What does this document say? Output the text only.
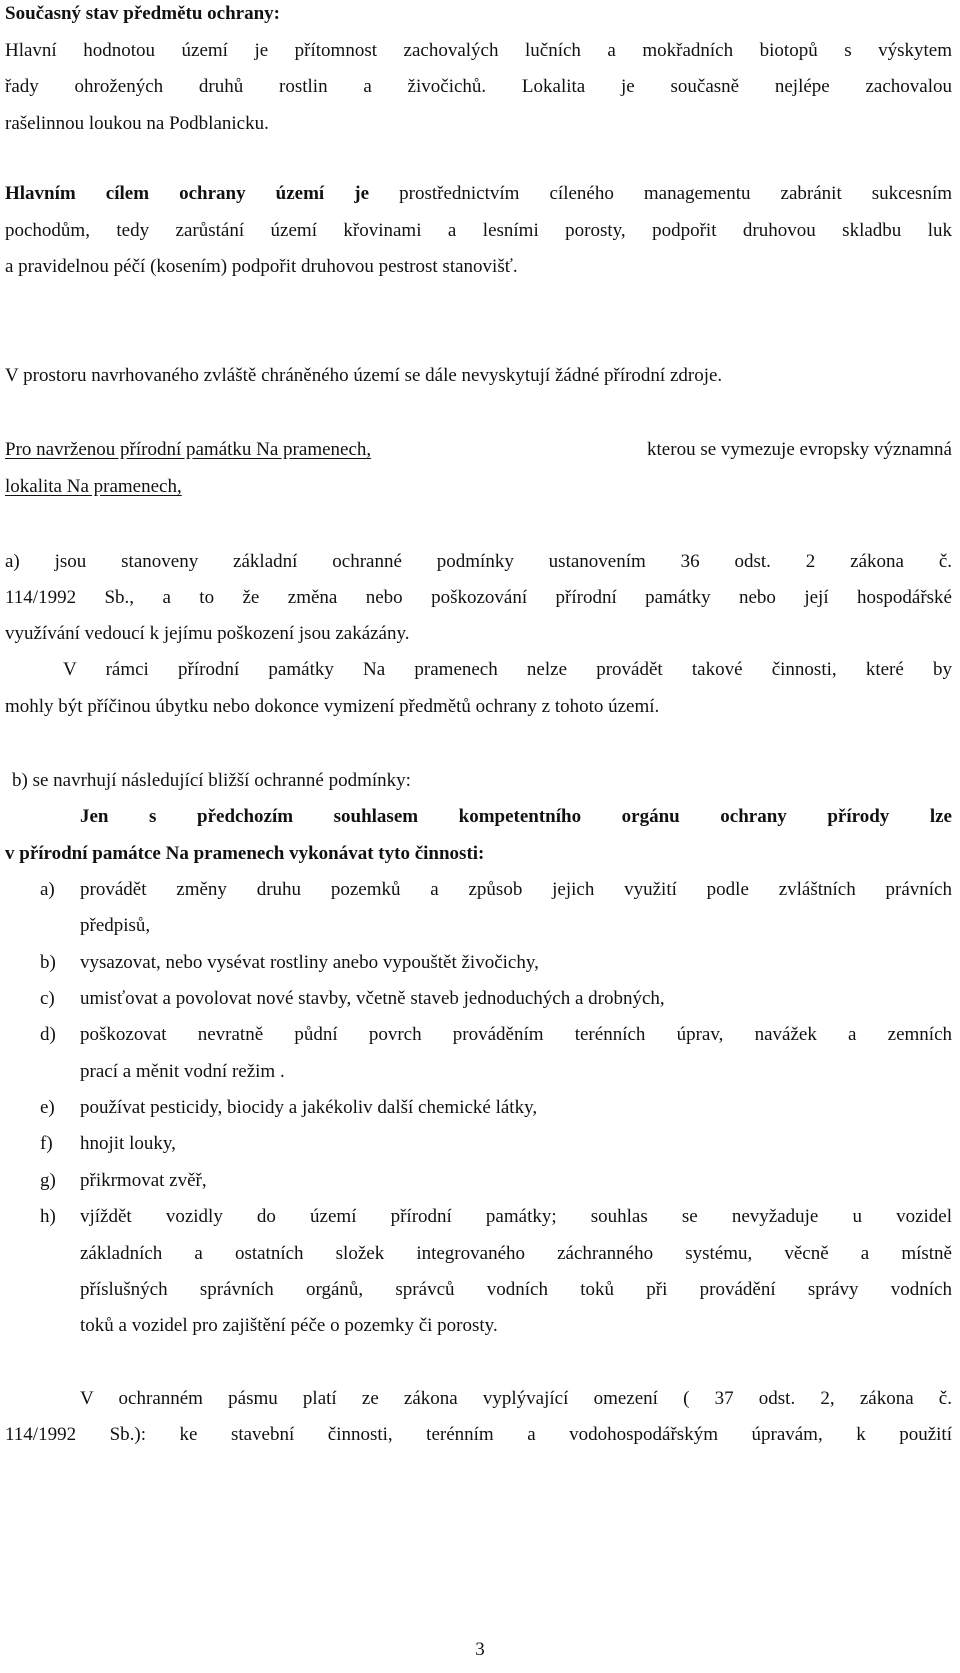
Současný stav předmětu ochrany:
Hlavní hodnotou území je přítomnost zachovalých lučních a mokřadních biotopů s výskytem
řady ohrožených druhů rostlin a živočichů. Lokalita je současně nejlépe zachovalou
rašelinnou loukou na Podblanicku.
Hlavním cílem ochrany území je prostřednictvím cíleného managementu zabránit sukcesním
pochodům, tedy zarůstání území křovinami a lesními porosty, podpořit druhovou skladbu luk
a pravidelnou péčí (kosením) podpořit druhovou pestrost stanovišť.
V prostoru navrhovaného zvláště chráněného území se dále nevyskytují žádné přírodní zdroje.
Pro navrženou přírodní památku Na pramenech,	kterou se vymezuje evropsky významná
lokalita Na pramenech,
a) jsou stanoveny základní ochranné podmínky ustanovením 36 odst. 2 zákona č.
114/1992 Sb., a to že změna nebo poškozování přírodní památky nebo její hospodářské
využívání vedoucí k jejímu poškození jsou zakázány.
V rámci přírodní památky Na pramenech nelze provádět takové činnosti, které by
mohly být příčinou úbytku nebo dokonce vymizení předmětů ochrany z tohoto území.
b) se navrhují následující bližší ochranné podmínky:
Jen s předchozím souhlasem kompetentního orgánu ochrany přírody lze
v přírodní památce Na pramenech vykonávat tyto činnosti:
a) provádět změny druhu pozemků a způsob jejich využití podle zvláštních právních
předpisů,
b) vysazovat, nebo vysévat rostliny anebo vypouštět živočichy,
c) umisťovat a povolovat nové stavby, včetně staveb jednoduchých a drobných,
d) poškozovat nevratně půdní povrch prováděním terénních úprav, navážek a zemních
prací a měnit vodní režim .
e) používat pesticidy, biocidy a jakékoliv další chemické látky,
f) hnojit louky,
g) přikrmovat zvěř,
h) vjíždět vozidly do území přírodní památky; souhlas se nevyžaduje u vozidel
základních a ostatních složek integrovaného záchranného systému, věcně a místně
příslušných správních orgánů, správců vodních toků při provádění správy vodních
toků a vozidel pro zajištění péče o pozemky či porosty.
V ochranném pásmu platí ze zákona vyplývající omezení ( 37 odst. 2, zákona č.
114/1992 Sb.): ke stavební činnosti, terénním a vodohospodářským úpravám, k použití
3
